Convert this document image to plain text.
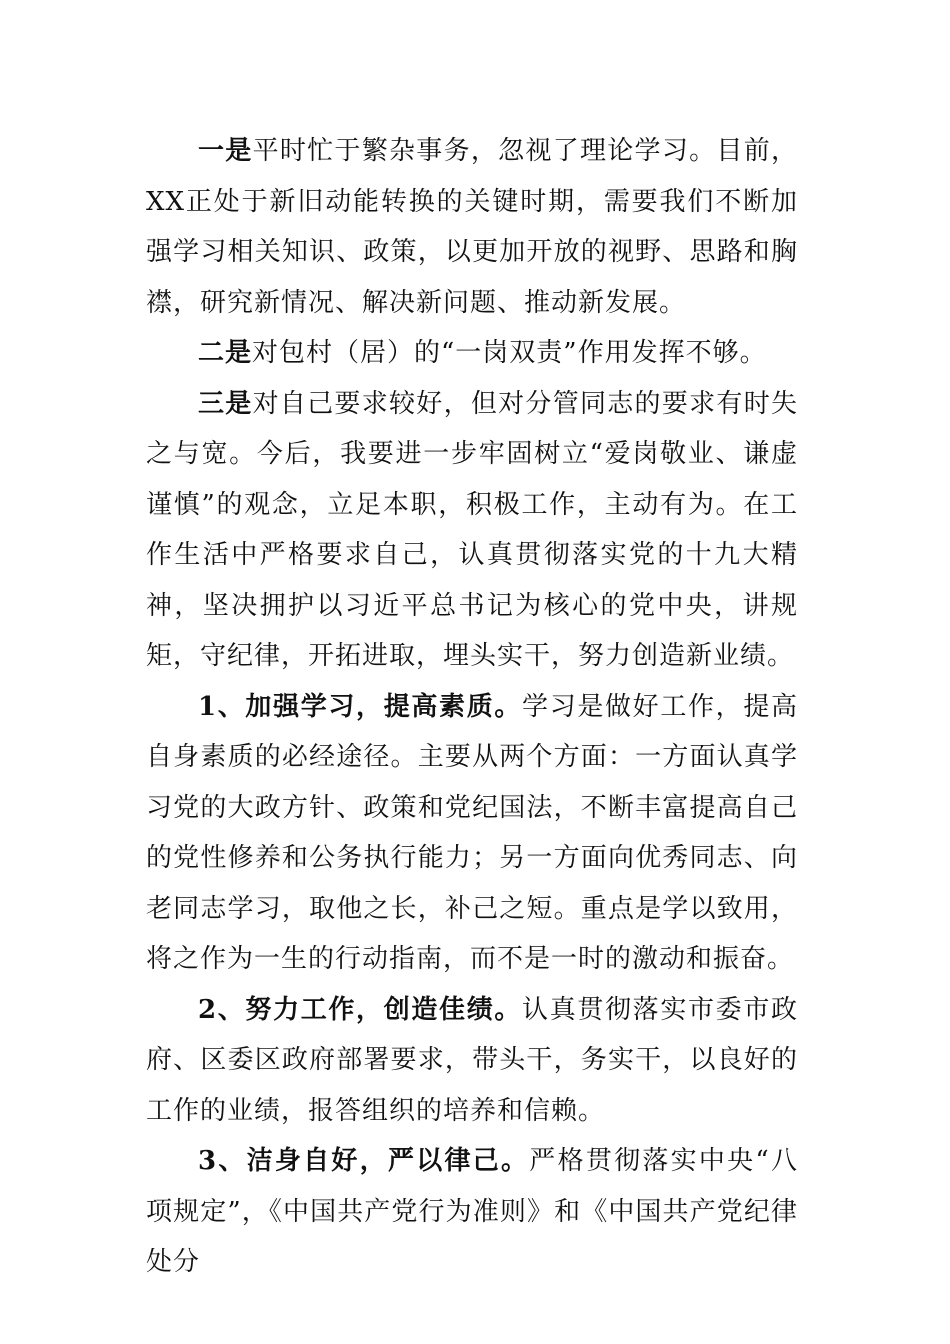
一是平时忙于繁杂事务，忽视了理论学习。目前，XX正处于新旧动能转换的关键时期，需要我们不断加强学习相关知识、政策，以更加开放的视野、思路和胸襟，研究新情况、解决新问题、推动新发展。

二是对包村（居）的“一岗双责”作用发挥不够。

三是对自己要求较好，但对分管同志的要求有时失之与宽。今后，我要进一步牢固树立“爱岗敬业、谦虚谨慎”的观念，立足本职，积极工作，主动有为。在工作生活中严格要求自己，认真贯彻落实党的十九大精神，坚决拥护以习近平总书记为核心的党中央，讲规矩，守纪律，开拓进取，埋头实干，努力创造新业绩。

1、加强学习，提高素质。学习是做好工作，提高自身素质的必经途径。主要从两个方面：一方面认真学习党的大政方针、政策和党纪国法，不断丰富提高自己的党性修养和公务执行能力；另一方面向优秀同志、向老同志学习，取他之长，补己之短。重点是学以致用，将之作为一生的行动指南，而不是一时的激动和振奋。

2、努力工作，创造佳绩。认真贯彻落实市委市政府、区委区政府部署要求，带头干，务实干，以良好的工作的业绩，报答组织的培养和信赖。

3、洁身自好，严以律己。严格贯彻落实中央“八项规定”，《中国共产党行为准则》和《中国共产党纪律处分
